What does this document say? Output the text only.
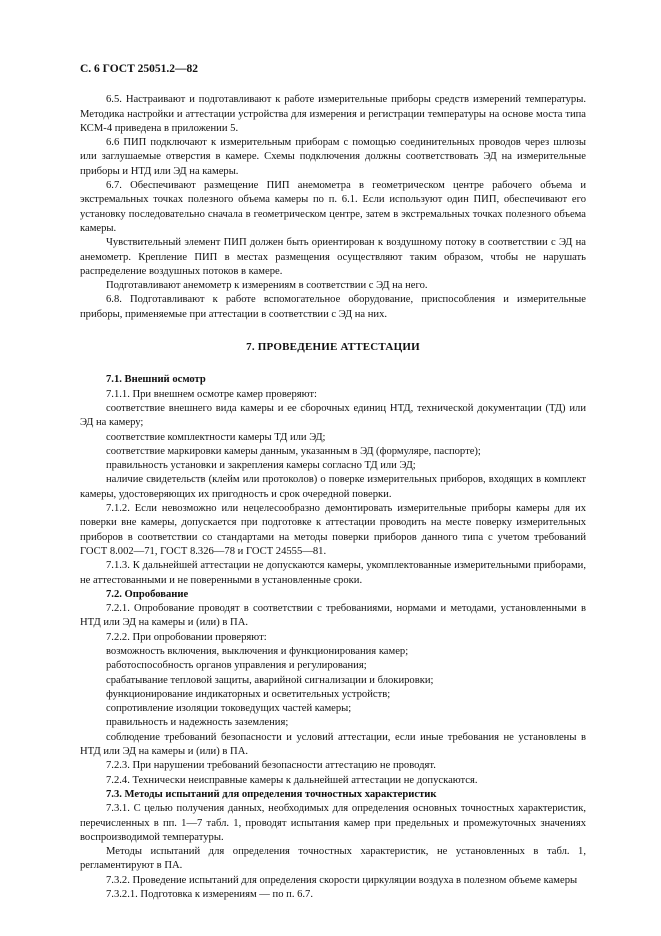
С. 6 ГОСТ 25051.2—82

6.5. Настраивают и подготавливают к работе измерительные приборы средств измерений температуры. Методика настройки и аттестации устройства для измерения и регистрации температуры на основе моста типа КСМ-4 приведена в приложении 5.

6.6 ПИП подключают к измерительным приборам с помощью соединительных проводов через шлюзы или заглушаемые отверстия в камере. Схемы подключения должны соответствовать ЭД на измерительные приборы и НТД или ЭД на камеры.

6.7. Обеспечивают размещение ПИП анемометра в геометрическом центре рабочего объема и экстремальных точках полезного объема камеры по п. 6.1. Если используют один ПИП, обеспечивают его установку последовательно сначала в геометрическом центре, затем в экстремальных точках полезного объема камеры.

Чувствительный элемент ПИП должен быть ориентирован к воздушному потоку в соответствии с ЭД на анемометр. Крепление ПИП в местах размещения осуществляют таким образом, чтобы не нарушать распределение воздушных потоков в камере.

Подготавливают анемометр к измерениям в соответствии с ЭД на него.

6.8. Подготавливают к работе вспомогательное оборудование, приспособления и измерительные приборы, применяемые при аттестации в соответствии с ЭД на них.

7. ПРОВЕДЕНИЕ АТТЕСТАЦИИ

7.1. Внешний осмотр

7.1.1. При внешнем осмотре камер проверяют:

соответствие внешнего вида камеры и ее сборочных единиц НТД, технической документации (ТД) или ЭД на камеру;

соответствие комплектности камеры ТД или ЭД;

соответствие маркировки камеры данным, указанным в ЭД (формуляре, паспорте);

правильность установки и закрепления камеры согласно ТД или ЭД;

наличие свидетельств (клейм или протоколов) о поверке измерительных приборов, входящих в комплект камеры, удостоверяющих их пригодность и срок очередной поверки.

7.1.2. Если невозможно или нецелесообразно демонтировать измерительные приборы камеры для их поверки вне камеры, допускается при подготовке к аттестации проводить на месте поверку измерительных приборов в соответствии со стандартами на методы поверки приборов данного типа с учетом требований ГОСТ 8.002—71, ГОСТ 8.326—78 и ГОСТ 24555—81.

7.1.3. К дальнейшей аттестации не допускаются камеры, укомплектованные измерительными приборами, не аттестованными и не поверенными в установленные сроки.

7.2. Опробование

7.2.1. Опробование проводят в соответствии с требованиями, нормами и методами, установленными в НТД или ЭД на камеры и (или) в ПА.

7.2.2. При опробовании проверяют:

возможность включения, выключения и функционирования камер;

работоспособность органов управления и регулирования;

срабатывание тепловой защиты, аварийной сигнализации и блокировки;

функционирование индикаторных и осветительных устройств;

сопротивление изоляции токоведущих частей камеры;

правильность и надежность заземления;

соблюдение требований безопасности и условий аттестации, если иные требования не установлены в НТД или ЭД на камеры и (или) в ПА.

7.2.3. При нарушении требований безопасности аттестацию не проводят.

7.2.4. Технически неисправные камеры к дальнейшей аттестации не допускаются.

7.3. Методы испытаний для определения точностных характеристик

7.3.1. С целью получения данных, необходимых для определения основных точностных характеристик, перечисленных в пп. 1—7 табл. 1, проводят испытания камер при предельных и промежуточных значениях воспроизводимой температуры.

Методы испытаний для определения точностных характеристик, не установленных в табл. 1, регламентируют в ПА.

7.3.2. Проведение испытаний для определения скорости циркуляции воздуха в полезном объеме камеры

7.3.2.1. Подготовка к измерениям — по п. 6.7.
